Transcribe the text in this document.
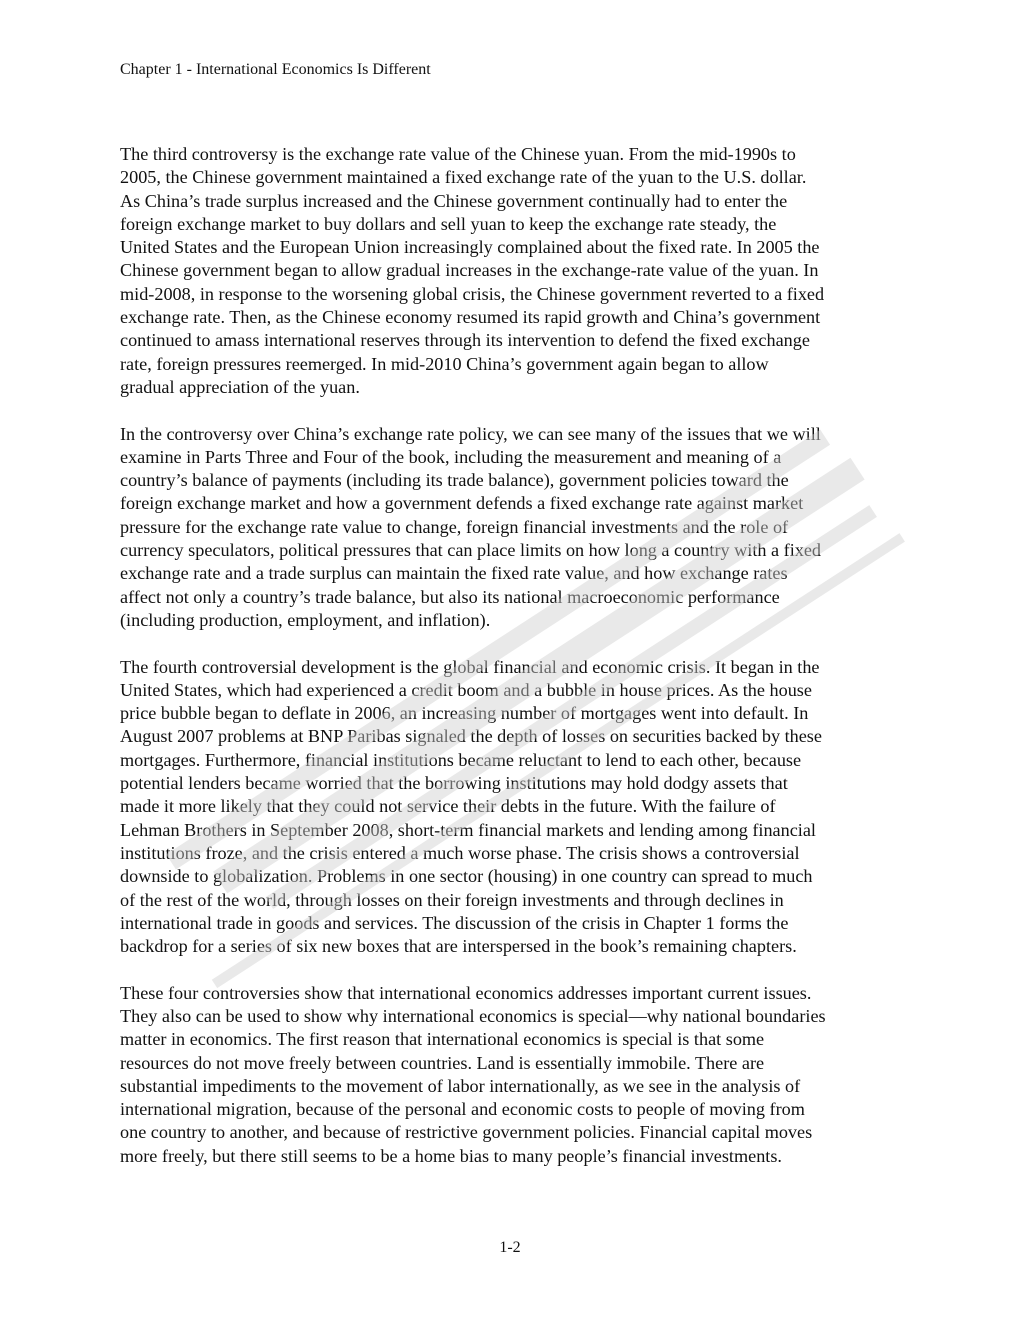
Chapter 1 - International Economics Is Different
The third controversy is the exchange rate value of the Chinese yuan. From the mid-1990s to
2005, the Chinese government maintained a fixed exchange rate of the yuan to the U.S. dollar.
As China’s trade surplus increased and the Chinese government continually had to enter the
foreign exchange market to buy dollars and sell yuan to keep the exchange rate steady, the
United States and the European Union increasingly complained about the fixed rate. In 2005 the
Chinese government began to allow gradual increases in the exchange-rate value of the yuan. In
mid-2008, in response to the worsening global crisis, the Chinese government reverted to a fixed
exchange rate. Then, as the Chinese economy resumed its rapid growth and China’s government
continued to amass international reserves through its intervention to defend the fixed exchange
rate, foreign pressures reemerged. In mid-2010 China’s government again began to allow
gradual appreciation of the yuan.
In the controversy over China’s exchange rate policy, we can see many of the issues that we will
examine in Parts Three and Four of the book, including the measurement and meaning of a
country’s balance of payments (including its trade balance), government policies toward the
foreign exchange market and how a government defends a fixed exchange rate against market
pressure for the exchange rate value to change, foreign financial investments and the role of
currency speculators, political pressures that can place limits on how long a country with a fixed
exchange rate and a trade surplus can maintain the fixed rate value, and how exchange rates
affect not only a country’s trade balance, but also its national macroeconomic performance
(including production, employment, and inflation).
The fourth controversial development is the global financial and economic crisis. It began in the
United States, which had experienced a credit boom and a bubble in house prices. As the house
price bubble began to deflate in 2006, an increasing number of mortgages went into default. In
August 2007 problems at BNP Paribas signaled the depth of losses on securities backed by these
mortgages. Furthermore, financial institutions became reluctant to lend to each other, because
potential lenders became worried that the borrowing institutions may hold dodgy assets that
made it more likely that they could not service their debts in the future. With the failure of
Lehman Brothers in September 2008, short-term financial markets and lending among financial
institutions froze, and the crisis entered a much worse phase. The crisis shows a controversial
downside to globalization. Problems in one sector (housing) in one country can spread to much
of the rest of the world, through losses on their foreign investments and through declines in
international trade in goods and services. The discussion of the crisis in Chapter 1 forms the
backdrop for a series of six new boxes that are interspersed in the book’s remaining chapters.
These four controversies show that international economics addresses important current issues.
They also can be used to show why international economics is special—why national boundaries
matter in economics. The first reason that international economics is special is that some
resources do not move freely between countries. Land is essentially immobile. There are
substantial impediments to the movement of labor internationally, as we see in the analysis of
international migration, because of the personal and economic costs to people of moving from
one country to another, and because of restrictive government policies. Financial capital moves
more freely, but there still seems to be a home bias to many people’s financial investments.
1-2
